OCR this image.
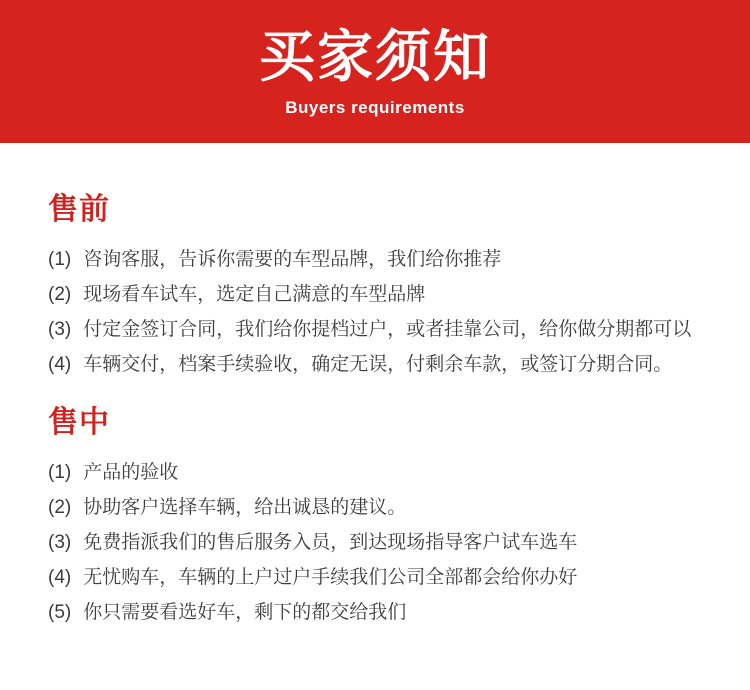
买家须知
Buyers requirements
售前
(1) 咨询客服，告诉你需要的车型品牌，我们给你推荐
(2) 现场看车试车，选定自己满意的车型品牌
(3) 付定金签订合同，我们给你提档过户，或者挂靠公司，给你做分期都可以
(4) 车辆交付，档案手续验收，确定无误，付剩余车款，或签订分期合同。
售中
(1) 产品的验收
(2) 协助客户选择车辆，给出诚恳的建议。
(3) 免费指派我们的售后服务入员，到达现场指导客户试车选车
(4) 无忧购车，车辆的上户过户手续我们公司全部都会给你办好
(5) 你只需要看选好车，剩下的都交给我们
